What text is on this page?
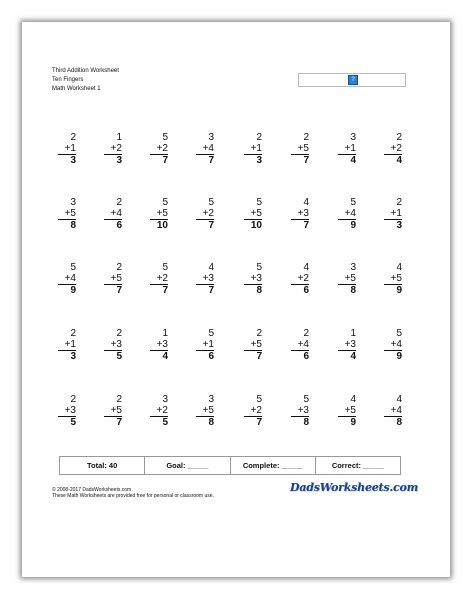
Third Addition Worksheet
Ten Fingers
Math Worksheet 1
?
2
+1
3
1
+2
3
5
+2
7
3
+4
7
2
+1
3
2
+5
7
3
+1
4
2
+2
4
3
+5
8
2
+4
6
5
+5
10
5
+2
7
5
+5
10
4
+3
7
5
+4
9
2
+1
3
5
+4
9
2
+5
7
5
+2
7
4
+3
7
5
+3
8
4
+2
6
3
+5
8
4
+5
9
2
+1
3
2
+3
5
1
+3
4
5
+1
6
2
+5
7
2
+4
6
1
+3
4
5
+4
9
2
+3
5
2
+5
7
3
+2
5
3
+5
8
5
+2
7
5
+3
8
4
+5
9
4
+4
8
Total: 40	Goal: _____	Complete: _____	Correct: _____
© 2008-2017 DadsWorksheets.com
These Math Worksheets are provided free for personal or classroom use.
DadsWorksheets.com
